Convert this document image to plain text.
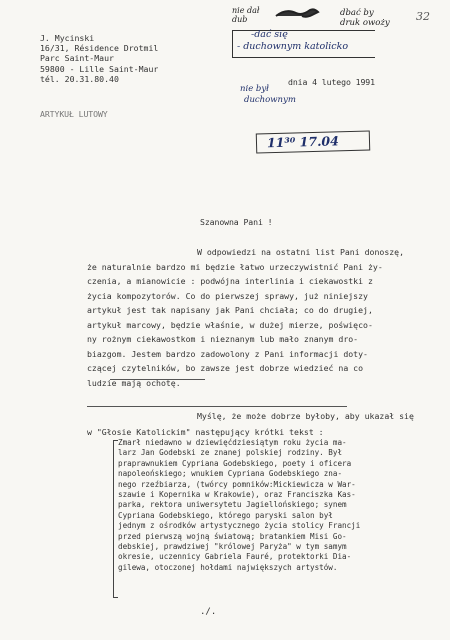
32
J. Mycinski
16/31, Résidence Drotmil
Parc Saint-Maur
59800 - Lille Saint-Maur
tél. 20.31.80.40
nie dał dub
dbać by druk owoży
-dać się
- duchownym katolicko
dnia 4 lutego 1991
nie był
duchownym
ARTYKUŁ LUTOWY
11³⁰ 17.04
Szanowna Pani !
W odpowiedzi na ostatni list Pani donoszę,
że naturalnie bardzo mi będzie łatwo urzeczywistnić Pani ży-
czenia, a mianowicie : podwójna interlinia i ciekawostki z
życia kompozytorów. Co do pierwszej sprawy, już niniejszy
artykuł jest tak napisany jak Pani chciała; co do drugiej,
artykuł marcowy, będzie właśnie, w dużej mierze, poświęco-
ny rożnym ciekawostkom i nieznanym lub mało znanym dro-
biazgom. Jestem bardzo zadowolony z Pani informacji doty-
czącej czytelników, bo zawsze jest dobrze wiedzieć na co
ludzie mają ochotę.
Myślę, że może dobrze byłoby, aby ukazał się
w "Głosie Katolickim" następujący krótki tekst :
Zmarł niedawno w dziewięćdziesiątym roku życia ma-
larz Jan Godebski ze znanej polskiej rodziny. Był
praprawnukiem Cypriana Godebskiego, poety i oficera
napoleońskiego; wnukiem Cypriana Godebskiego zna-
nego rzeźbiarza, (twórcy pomników:Mickiewicza w War-
szawie i Kopernika w Krakowie), oraz Franciszka Kas-
parka, rektora uniwersytetu Jagiellońskiego; synem
Cypriana Godebskiego, którego paryski salon był
jednym z ośrodków artystycznego życia stolicy Francji
przed pierwszą wojną światową; bratankiem Misi Go-
debskiej, prawdziwej "królowej Paryża" w tym samym
okresie, uczennicy Gabriela Fauré, protektorki Dia-
gilewa, otoczonej hołdami największych artystów.
./.
